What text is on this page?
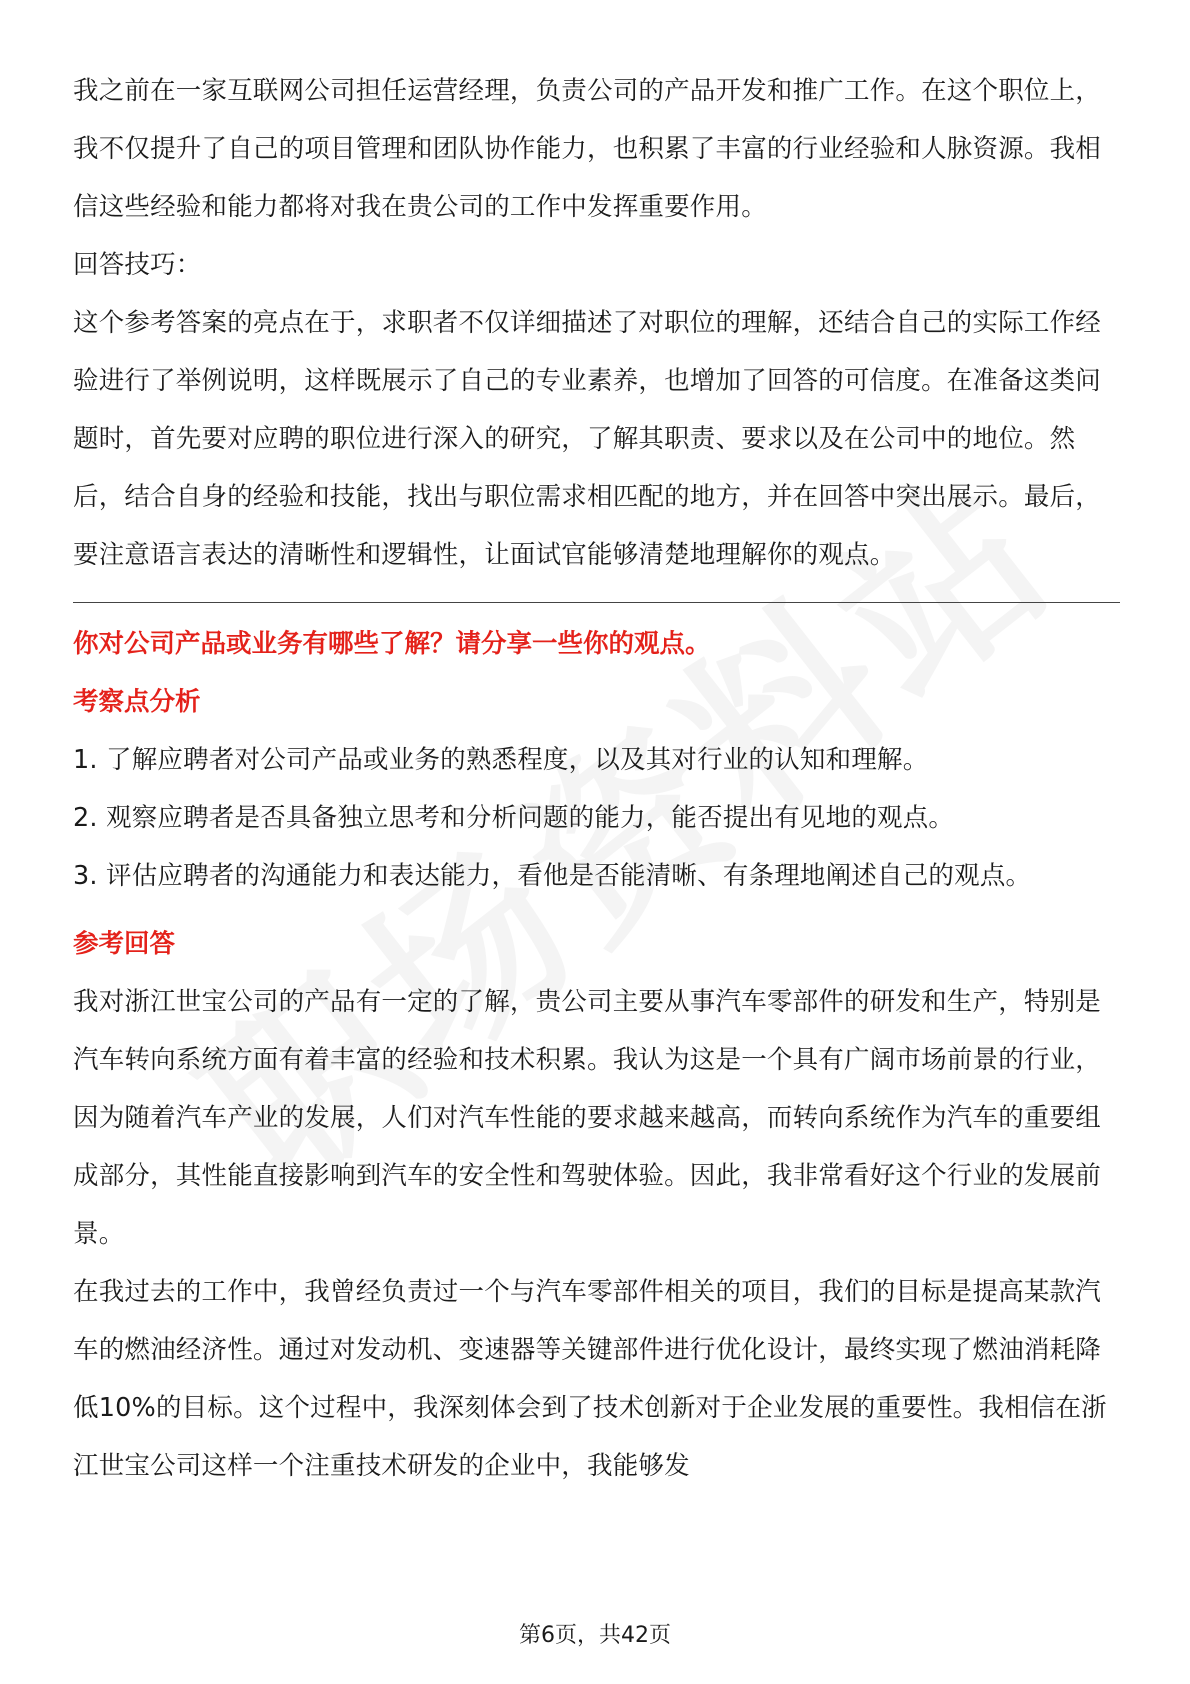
我之前在一家互联网公司担任运营经理，负责公司的产品开发和推广工作。在这个职位上，我不仅提升了自己的项目管理和团队协作能力，也积累了丰富的行业经验和人脉资源。我相信这些经验和能力都将对我在贵公司的工作中发挥重要作用。

回答技巧：

这个参考答案的亮点在于，求职者不仅详细描述了对职位的理解，还结合自己的实际工作经验进行了举例说明，这样既展示了自己的专业素养，也增加了回答的可信度。在准备这类问题时，首先要对应聘的职位进行深入的研究，了解其职责、要求以及在公司中的地位。然后，结合自身的经验和技能，找出与职位需求相匹配的地方，并在回答中突出展示。最后，要注意语言表达的清晰性和逻辑性，让面试官能够清楚地理解你的观点。

你对公司产品或业务有哪些了解？请分享一些你的观点。

考察点分析

1. 了解应聘者对公司产品或业务的熟悉程度，以及其对行业的认知和理解。

2. 观察应聘者是否具备独立思考和分析问题的能力，能否提出有见地的观点。

3. 评估应聘者的沟通能力和表达能力，看他是否能清晰、有条理地阐述自己的观点。

参考回答

我对浙江世宝公司的产品有一定的了解，贵公司主要从事汽车零部件的研发和生产，特别是汽车转向系统方面有着丰富的经验和技术积累。我认为这是一个具有广阔市场前景的行业，因为随着汽车产业的发展，人们对汽车性能的要求越来越高，而转向系统作为汽车的重要组成部分，其性能直接影响到汽车的安全性和驾驶体验。因此，我非常看好这个行业的发展前景。

在我过去的工作中，我曾经负责过一个与汽车零部件相关的项目，我们的目标是提高某款汽车的燃油经济性。通过对发动机、变速器等关键部件进行优化设计，最终实现了燃油消耗降低10%的目标。这个过程中，我深刻体会到了技术创新对于企业发展的重要性。我相信在浙江世宝公司这样一个注重技术研发的企业中，我能够发

第6页，共42页
